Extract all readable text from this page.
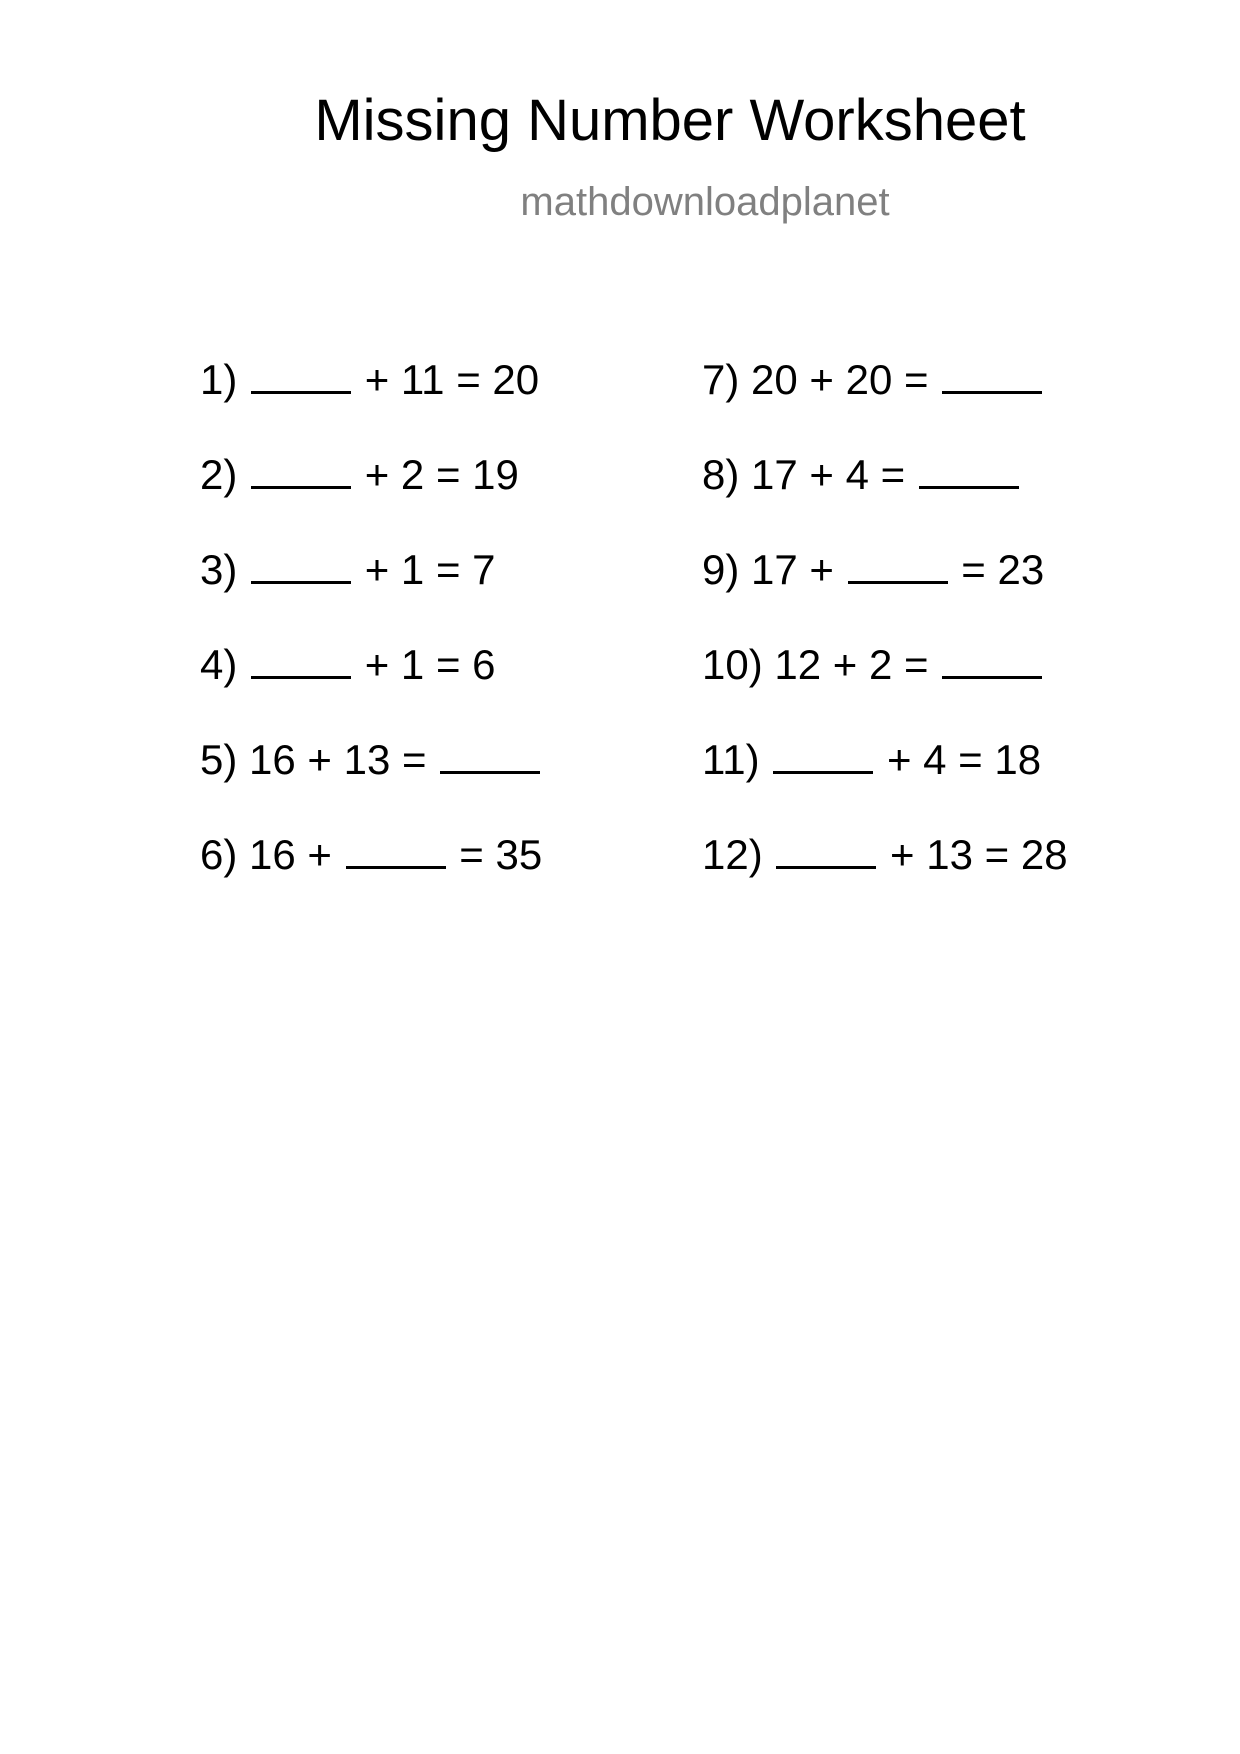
Missing Number Worksheet
mathdownloadplanet
1)	+ 11 = 20
2)	+ 2 = 19
3)	+ 1 = 7
4)	+ 1 = 6
5) 16 + 13 =
6) 16 +	= 35
7) 20 + 20 =
8) 17 + 4 =
9) 17 +	= 23
10) 12 + 2 =
11)	+ 4 = 18
12)	+ 13 = 28
